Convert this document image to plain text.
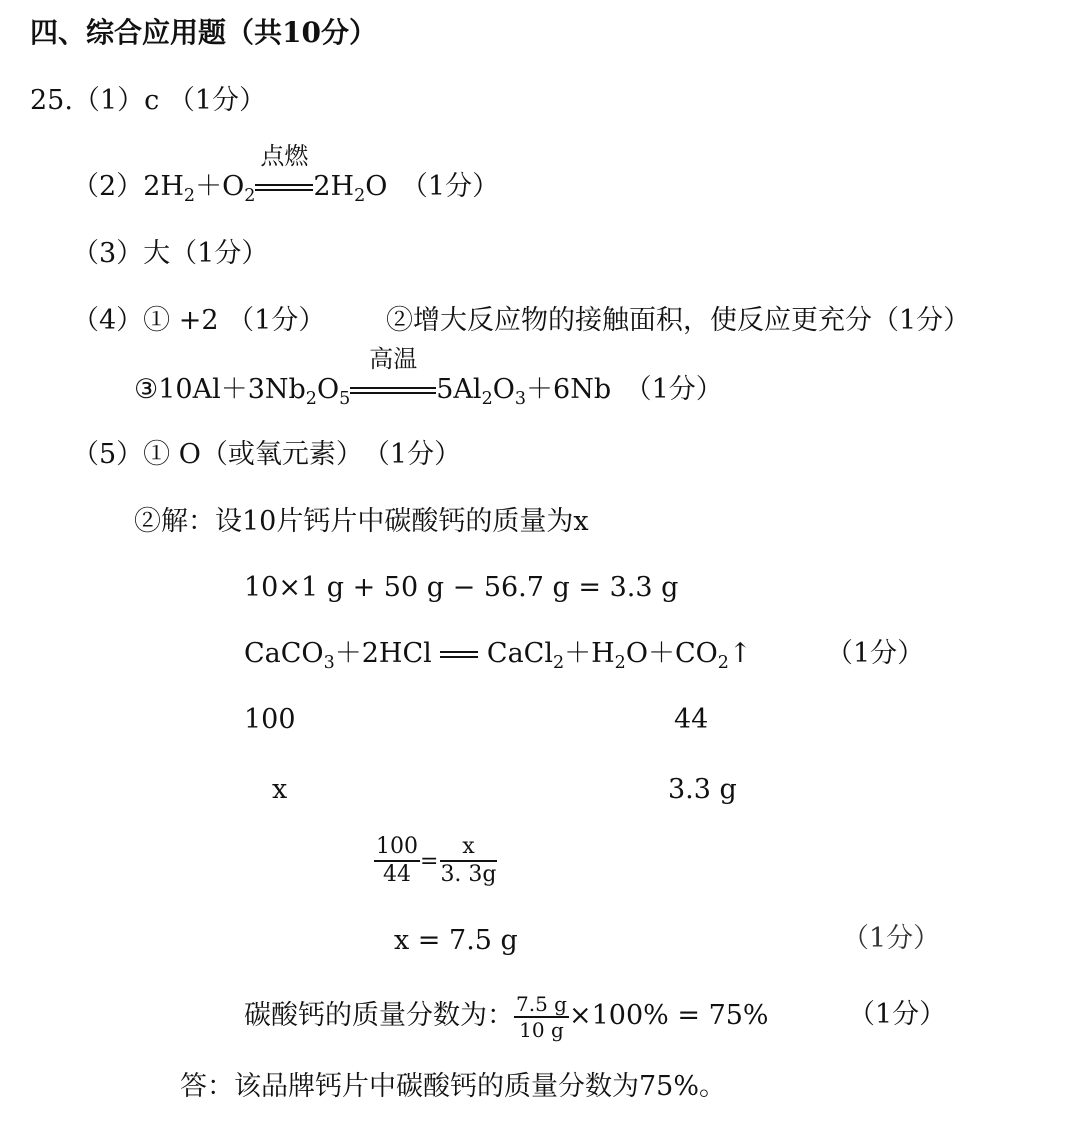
四、综合应用题（共10分）
25.（1）c （1分）
$(2)2H_2+O_2$
点燃
$2H_2O$　 （1分）
（3）大（1分）
（4）① +2 （1分） ②增大反应物的接触面积，使反应更充分（1分）
$③10Al+3Nb_2O_5$
高温
$5Al_2O_3+6Nb$　 （1分）
（5）① O（或氧元素）　（1分）
②解：设10片钙片中碳酸钙的质量为x
10×1 g + 50 g − 56.7 g = 3.3 g
CaCO$_3$＋2HCl  $CaCl_2+H_2O+CO_2↑$	（1分）
100	44
x	3.3 g
$\frac{100}{44} = \frac{x}{3. 3g}$
x = 7.5 g	（1分）
碳酸钙的质量分数为： $\frac{7.5 g}{10 g} \times 100\% = 75\%$	（1分）
答：该品牌钙片中碳酸钙的质量分数为75%。
